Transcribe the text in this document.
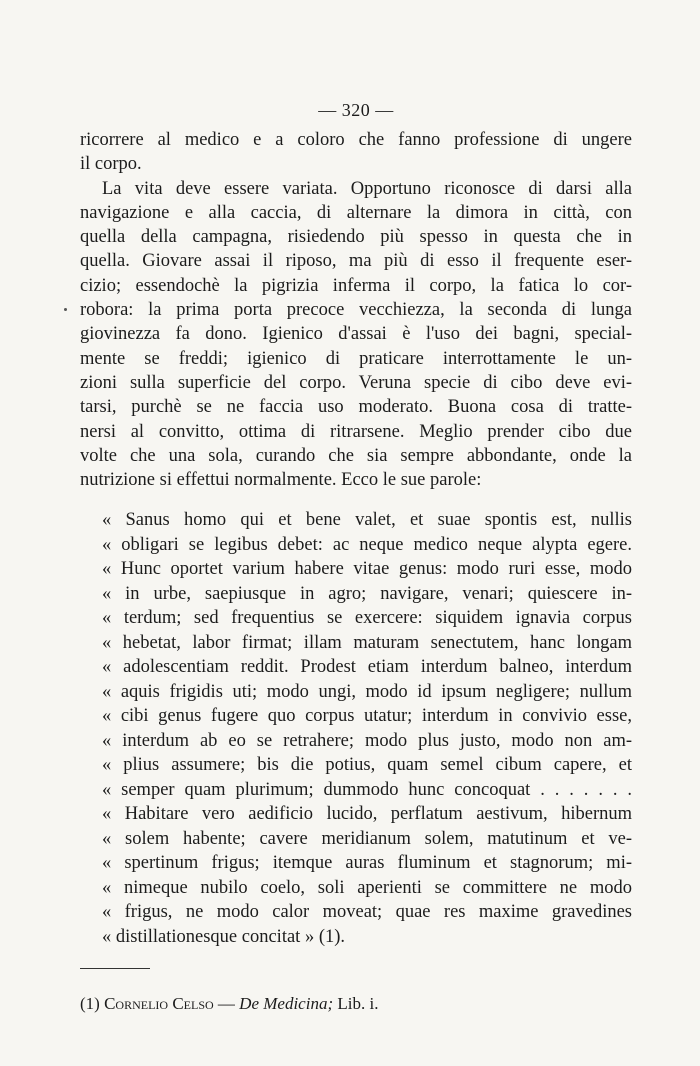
— 320 —
ricorrere al medico e a coloro che fanno professione di ungere
il corpo.
La vita deve essere variata. Opportuno riconosce di darsi alla
navigazione e alla caccia, di alternare la dimora in città, con
quella della campagna, risiedendo più spesso in questa che in
quella. Giovare assai il riposo, ma più di esso il frequente eser-
cizio; essendochè la pigrizia inferma il corpo, la fatica lo cor-
robora: la prima porta precoce vecchiezza, la seconda di lunga
giovinezza fa dono. Igienico d'assai è l'uso dei bagni, special-
mente se freddi; igienico di praticare interrottamente le un-
zioni sulla superficie del corpo. Veruna specie di cibo deve evi-
tarsi, purchè se ne faccia uso moderato. Buona cosa di tratte-
nersi al convitto, ottima di ritrarsene. Meglio prender cibo due
volte che una sola, curando che sia sempre abbondante, onde la
nutrizione si effettui normalmente. Ecco le sue parole:
« Sanus homo qui et bene valet, et suae spontis est, nullis
« obligari se legibus debet: ac neque medico neque alypta egere.
« Hunc oportet varium habere vitae genus: modo ruri esse, modo
« in urbe, saepiusque in agro; navigare, venari; quiescere in-
« terdum; sed frequentius se exercere: siquidem ignavia corpus
« hebetat, labor firmat; illam maturam senectutem, hanc longam
« adolescentiam reddit. Prodest etiam interdum balneo, interdum
« aquis frigidis uti; modo ungi, modo id ipsum negligere; nullum
« cibi genus fugere quo corpus utatur; interdum in convivio esse,
« interdum ab eo se retrahere; modo plus justo, modo non am-
« plius assumere; bis die potius, quam semel cibum capere, et
« semper quam plurimum; dummodo hunc concoquat . . . . . . .
« Habitare vero aedificio lucido, perflatum aestivum, hibernum
« solem habente; cavere meridianum solem, matutinum et ve-
« spertinum frigus; itemque auras fluminum et stagnorum; mi-
« nimeque nubilo coelo, soli aperienti se committere ne modo
« frigus, ne modo calor moveat; quae res maxime gravedines
« distillationesque concitat » (1).
(1) Cornelio Celso — De Medicina; Lib. i.
